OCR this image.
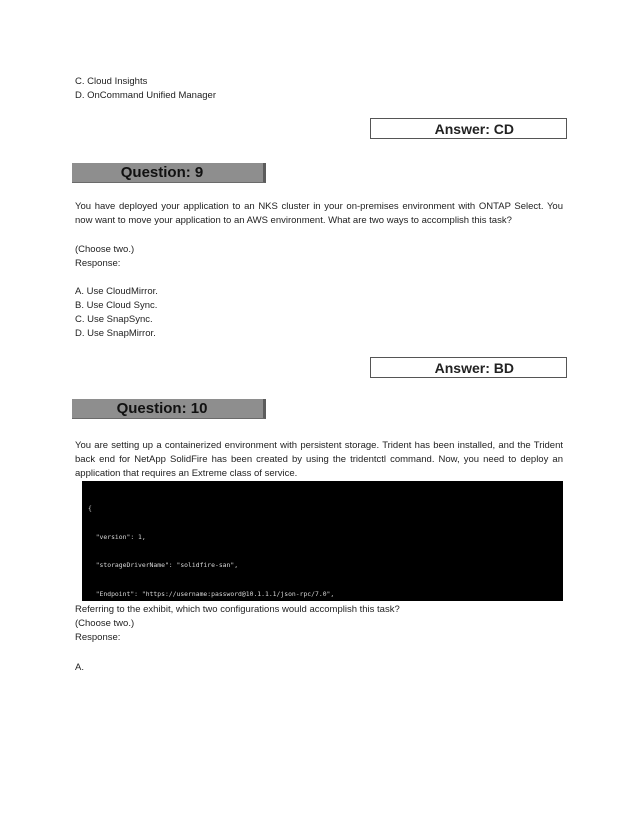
C. Cloud Insights
D. OnCommand Unified Manager
Answer: CD
Question: 9
You have deployed your application to an NKS cluster in your on-premises environment with ONTAP Select. You now want to move your application to an AWS environment. What are two ways to accomplish this task?
(Choose two.)
Response:
A. Use CloudMirror.
B. Use Cloud Sync.
C. Use SnapSync.
D. Use SnapMirror.
Answer: BD
Question: 10
You are setting up a containerized environment with persistent storage. Trident has been installed, and the Trident back end for NetApp SolidFire has been created by using the tridentctl command. Now, you need to deploy an application that requires an Extreme class of service.

{

"version": 1,

"storageDriverName": "solidfire-san",

"Endpoint": "https://username:password@10.1.1.1/json-rpc/7.0",

Referring to the exhibit, which two configurations would accomplish this task?
(Choose two.)
Response:
A.
